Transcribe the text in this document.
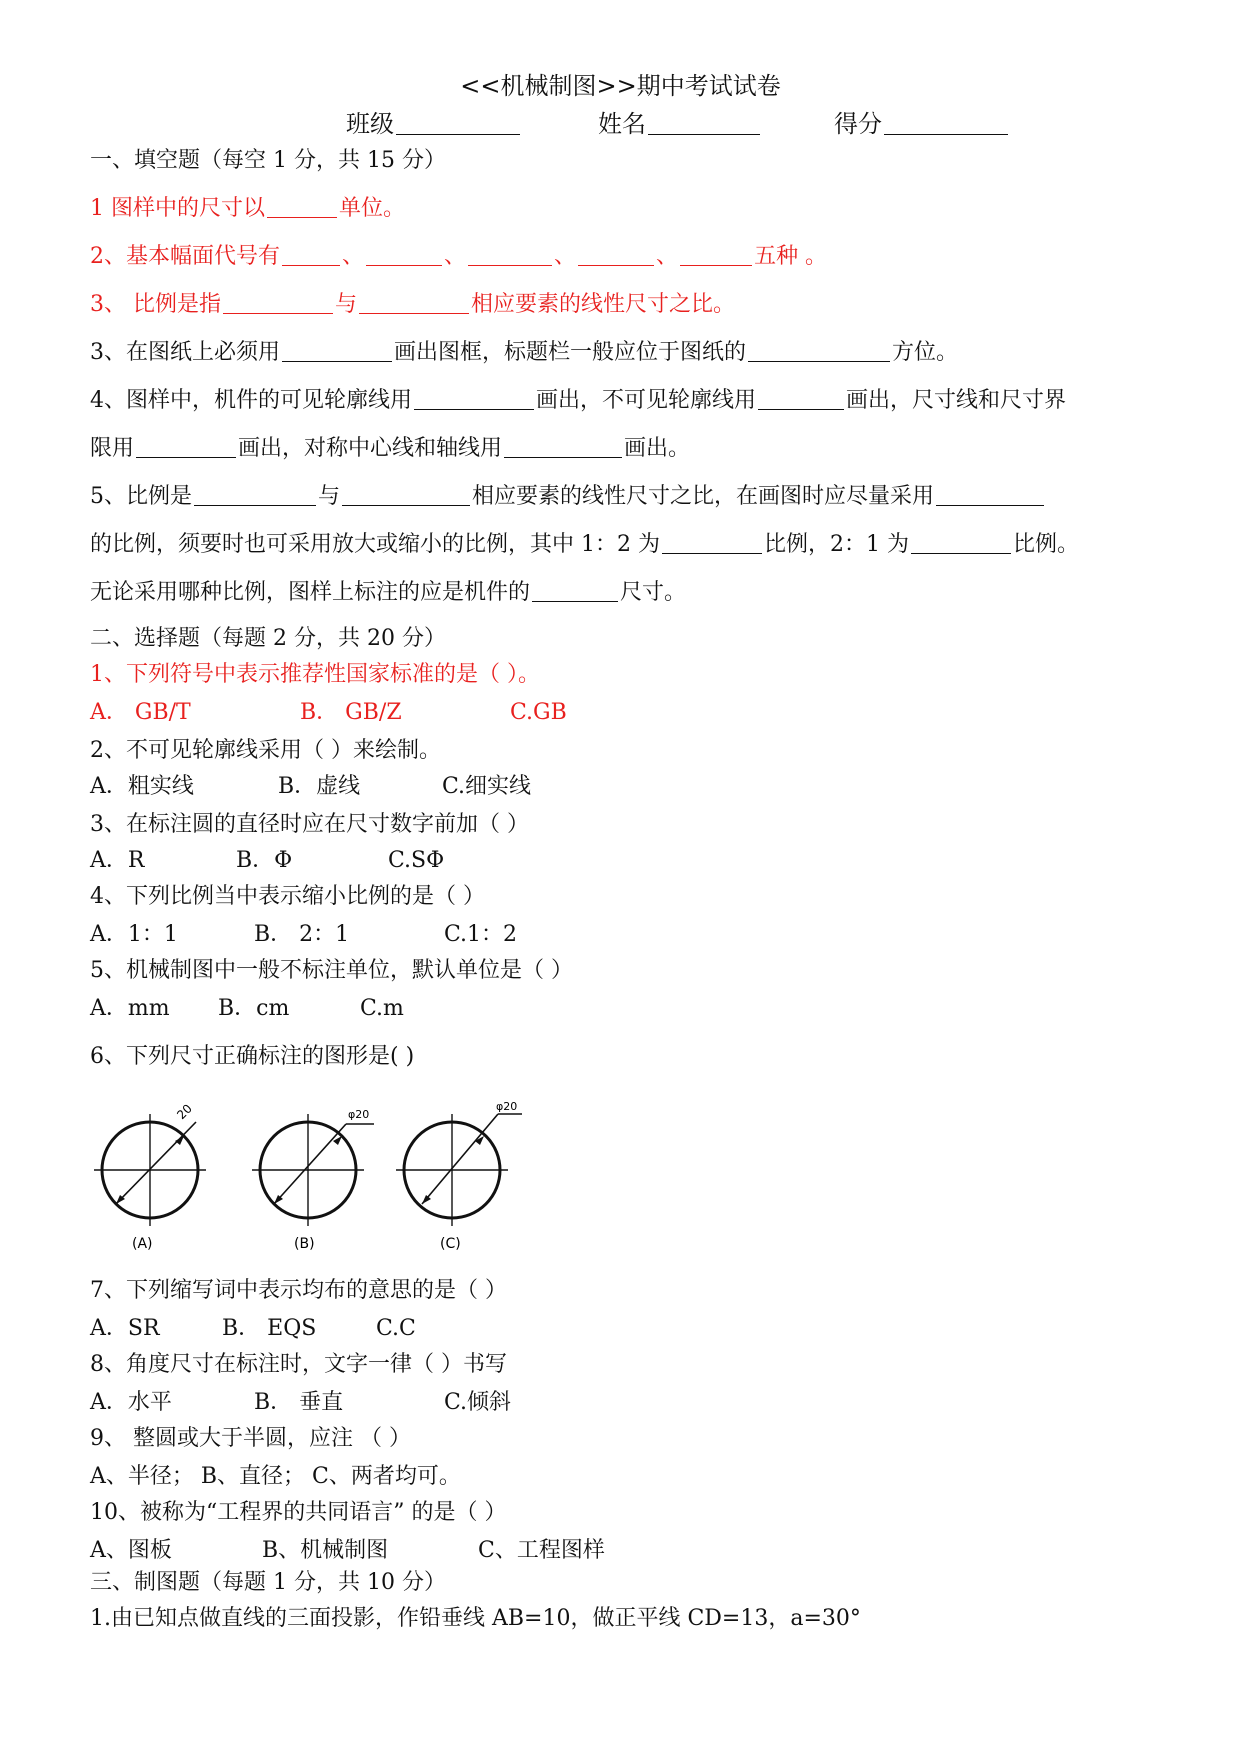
<<机械制图>>期中考试试卷
班级	姓名	得分
一、填空题（每空 1 分，共 15 分）
1 图样中的尺寸以	单位。
2、基本幅面代号有	、	、	、	、	五种 。
3、 比例是指	与	相应要素的线性尺寸之比。
3、在图纸上必须用	画出图框，标题栏一般应位于图纸的	方位。
4、图样中，机件的可见轮廓线用	画出，不可见轮廓线用	画出，尺寸线和尺寸界
限用	画出，对称中心线和轴线用	画出。
5、比例是	与	相应要素的线性尺寸之比，在画图时应尽量采用
的比例，须要时也可采用放大或缩小的比例，其中 1：2 为	比例，2：1 为	比例。
无论采用哪种比例，图样上标注的应是机件的	尺寸。
二、选择题（每题 2 分，共 20 分）
1、下列符号中表示推荐性国家标准的是（ ）。
A． GB/T	B． GB/Z	C.GB
2、不可见轮廓线采用（ ）来绘制。
A．粗实线	B．虚线	C.细实线
3、在标注圆的直径时应在尺寸数字前加（ ）
A．R	B．Φ	C.SΦ
4、下列比例当中表示缩小比例的是（ ）
A．1：1	B． 2：1	C.1：2
5、机械制图中一般不标注单位，默认单位是（ ）
A．mm B．cm	C.m
6、下列尺寸正确标注的图形是( )
20
(A)
φ20
(B)
φ20
(C)
7、下列缩写词中表示均布的意思的是（ ）
A．SR	B． EQS	C.C
8、角度尺寸在标注时，文字一律（ ）书写
A．水平	B． 垂直	C.倾斜
9、 整圆或大于半圆，应注 （ ）
A、半径； B、直径； C、两者均可。
10、被称为“工程界的共同语言” 的是（ ）
A、图板	B、机械制图	C、工程图样
三、制图题（每题 1 分，共 10 分）
1.由已知点做直线的三面投影，作铅垂线 AB=10，做正平线 CD=13，a=30°
